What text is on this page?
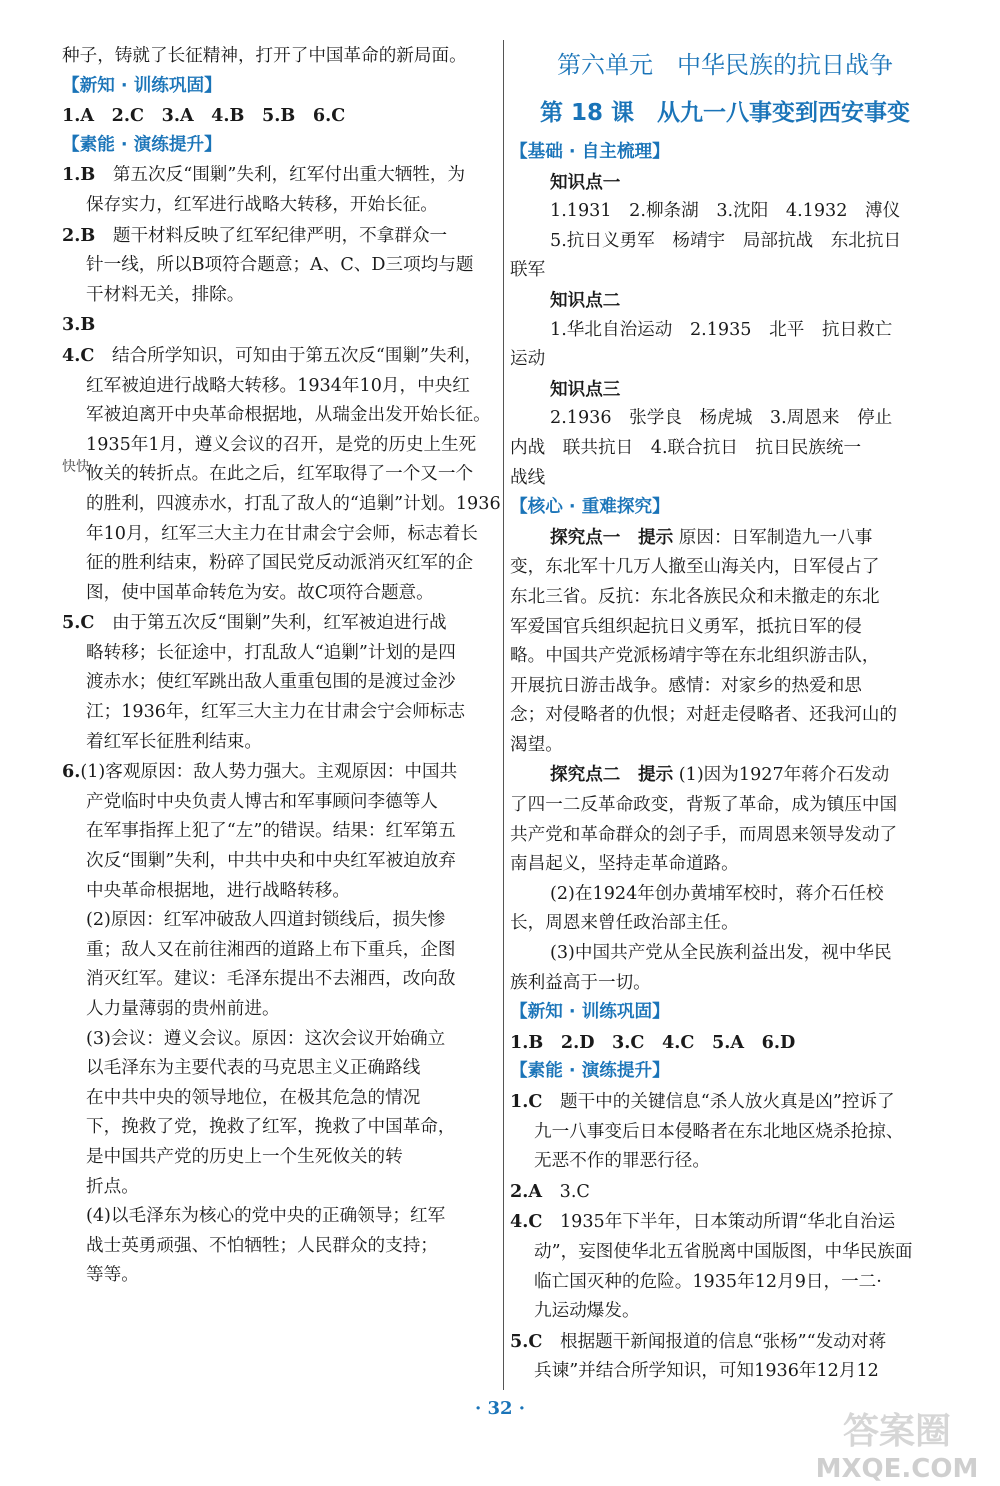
种子，铸就了长征精神，打开了中国革命的新局面。
【新知 · 训练巩固】
1.A　2.C　3.A　4.B　5.B　6.C
【素能 · 演练提升】
1.B　第五次反“围剿”失利，红军付出重大牺牲，为
保存实力，红军进行战略大转移，开始长征。
2.B　题干材料反映了红军纪律严明，不拿群众一
针一线，所以B项符合题意；A、C、D三项均与题
干材料无关，排除。
3.B
4.C　结合所学知识，可知由于第五次反“围剿”失利，
红军被迫进行战略大转移。1934年10月，中央红
军被迫离开中央革命根据地，从瑞金出发开始长征。
1935年1月，遵义会议的召开，是党的历史上生死
攸关的转折点。在此之后，红军取得了一个又一个
的胜利，四渡赤水，打乱了敌人的“追剿”计划。1936
年10月，红军三大主力在甘肃会宁会师，标志着长
征的胜利结束，粉碎了国民党反动派消灭红军的企
图，使中国革命转危为安。故C项符合题意。
5.C　由于第五次反“围剿”失利，红军被迫进行战
略转移；长征途中，打乱敌人“追剿”计划的是四
渡赤水；使红军跳出敌人重重包围的是渡过金沙
江；1936年，红军三大主力在甘肃会宁会师标志
着红军长征胜利结束。
6.(1)客观原因：敌人势力强大。主观原因：中国共
产党临时中央负责人博古和军事顾问李德等人
在军事指挥上犯了“左”的错误。结果：红军第五
次反“围剿”失利，中共中央和中央红军被迫放弃
中央革命根据地，进行战略转移。
(2)原因：红军冲破敌人四道封锁线后，损失惨
重；敌人又在前往湘西的道路上布下重兵，企图
消灭红军。建议：毛泽东提出不去湘西，改向敌
人力量薄弱的贵州前进。
(3)会议：遵义会议。原因：这次会议开始确立
以毛泽东为主要代表的马克思主义正确路线
在中共中央的领导地位，在极其危急的情况
下，挽救了党，挽救了红军，挽救了中国革命，
是中国共产党的历史上一个生死攸关的转
折点。
(4)以毛泽东为核心的党中央的正确领导；红军
战士英勇顽强、不怕牺牲；人民群众的支持；
等等。
快快
第六单元　中华民族的抗日战争
第 18 课　从九一八事变到西安事变
【基础 · 自主梳理】
知识点一
1.1931　2.柳条湖　3.沈阳　4.1932　溥仪
5.抗日义勇军　杨靖宇　局部抗战　东北抗日
联军
知识点二
1.华北自治运动　2.1935　北平　抗日救亡
运动
知识点三
2.1936　张学良　杨虎城　3.周恩来　停止
内战　联共抗日　4.联合抗日　抗日民族统一
战线
【核心 · 重难探究】
探究点一　提示 原因：日军制造九一八事
变，东北军十几万人撤至山海关内，日军侵占了
东北三省。反抗：东北各族民众和未撤走的东北
军爱国官兵组织起抗日义勇军，抵抗日军的侵
略。中国共产党派杨靖宇等在东北组织游击队，
开展抗日游击战争。感情：对家乡的热爱和思
念；对侵略者的仇恨；对赶走侵略者、还我河山的
渴望。
探究点二　提示 (1)因为1927年蒋介石发动
了四一二反革命政变，背叛了革命，成为镇压中国
共产党和革命群众的刽子手，而周恩来领导发动了
南昌起义，坚持走革命道路。
(2)在1924年创办黄埔军校时，蒋介石任校
长，周恩来曾任政治部主任。
(3)中国共产党从全民族利益出发，视中华民
族利益高于一切。
【新知 · 训练巩固】
1.B　2.D　3.C　4.C　5.A　6.D
【素能 · 演练提升】
1.C　题干中的关键信息“杀人放火真是凶”控诉了
九一八事变后日本侵略者在东北地区烧杀抢掠、
无恶不作的罪恶行径。
2.A　3.C
4.C　1935年下半年，日本策动所谓“华北自治运
动”，妄图使华北五省脱离中国版图，中华民族面
临亡国灭种的危险。1935年12月9日，一二·
九运动爆发。
5.C　根据题干新闻报道的信息“张杨”“发动对蒋
兵谏”并结合所学知识，可知1936年12月12
· 32 ·
答案圈
MXQE.COM
